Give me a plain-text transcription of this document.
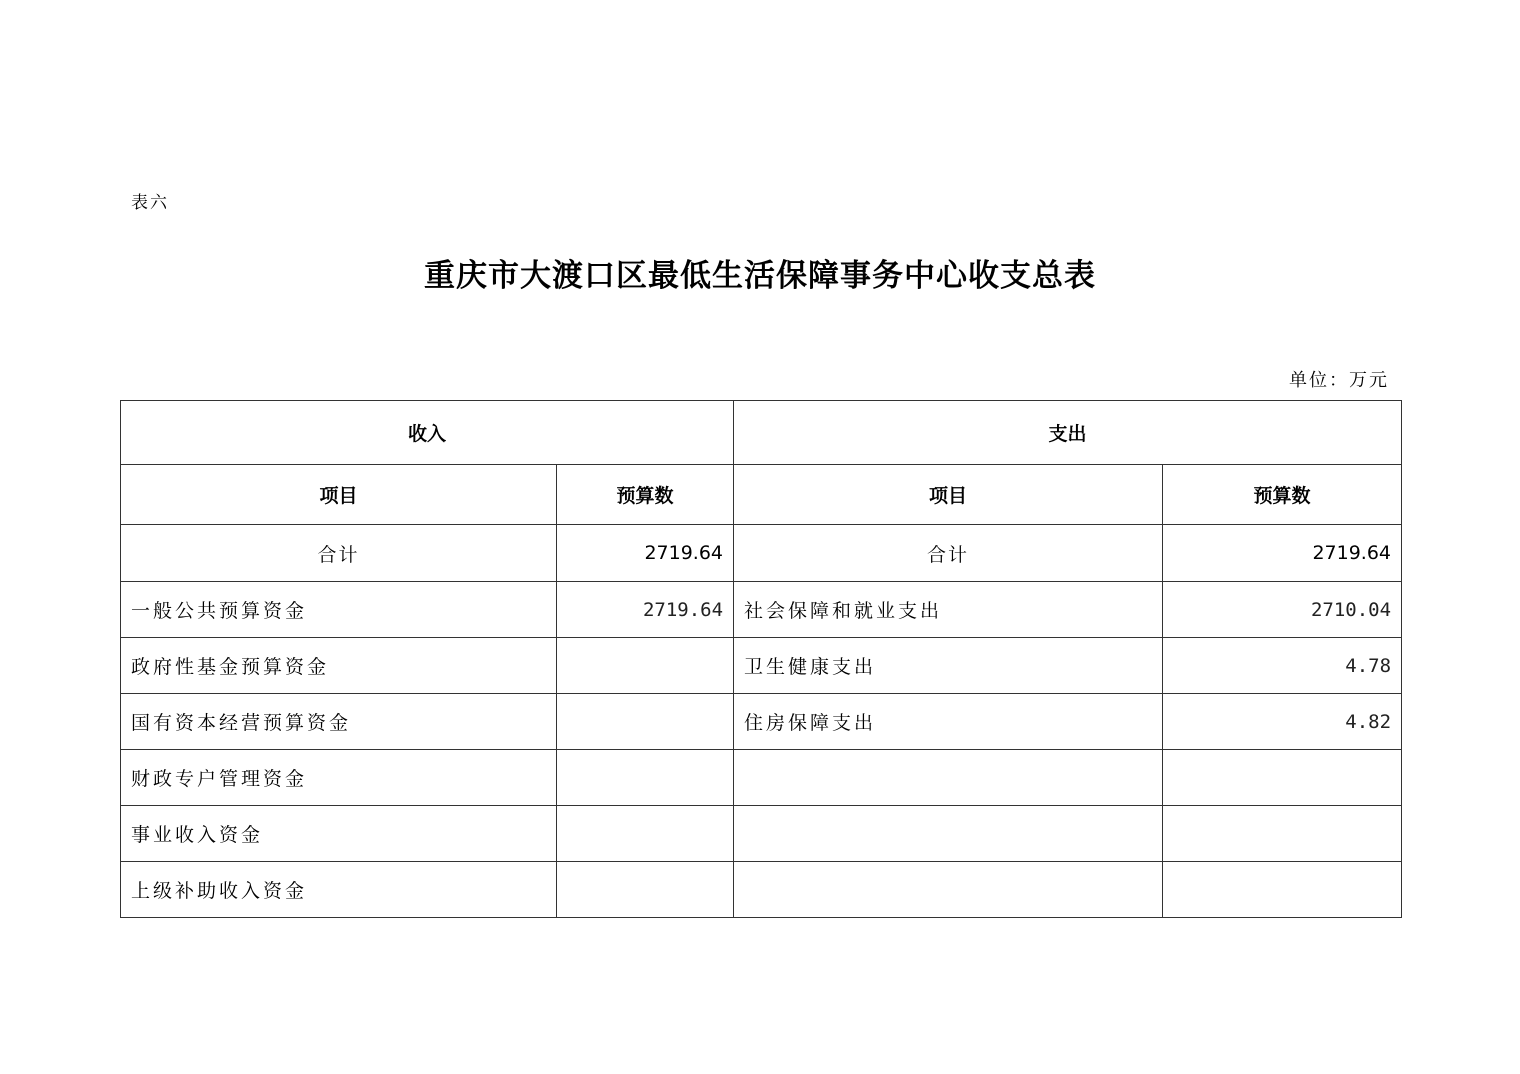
表六
重庆市大渡口区最低生活保障事务中心收支总表
单位：万元
收入		支出	
项目	预算数	项目	预算数
合计	2719.64	合计	2719.64
一般公共预算资金	2719.64	社会保障和就业支出	2710.04
政府性基金预算资金		卫生健康支出	4.78
国有资本经营预算资金		住房保障支出	4.82
财政专户管理资金			
事业收入资金			
上级补助收入资金			
